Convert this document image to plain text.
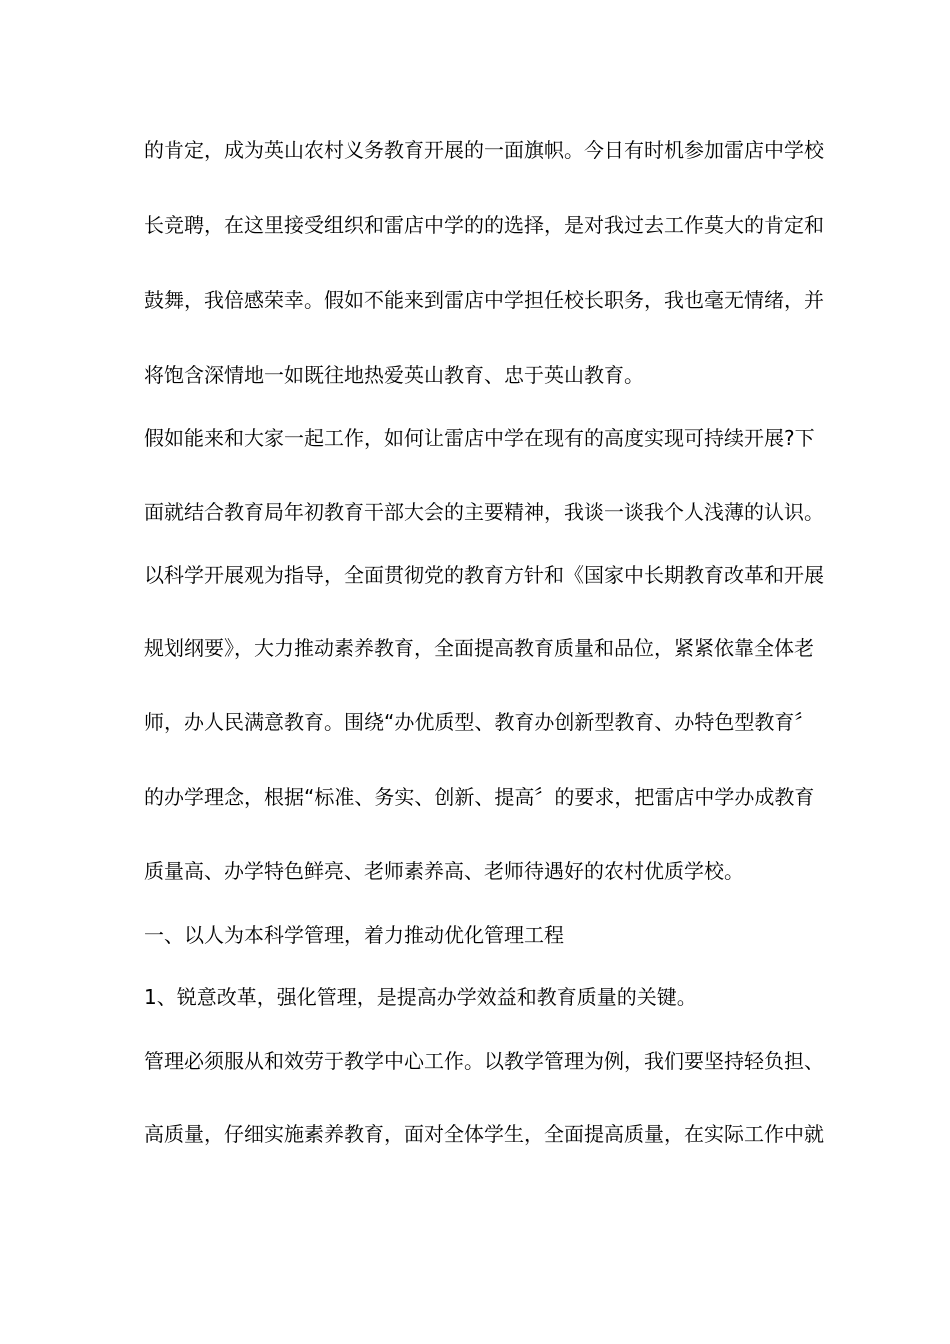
的肯定，成为英山农村义务教育开展的一面旗帜。今日有时机参加雷店中学校
长竞聘，在这里接受组织和雷店中学的的选择，是对我过去工作莫大的肯定和
鼓舞，我倍感荣幸。假如不能来到雷店中学担任校长职务，我也毫无情绪，并
将饱含深情地一如既往地热爱英山教育、忠于英山教育。
假如能来和大家一起工作，如何让雷店中学在现有的高度实现可持续开展?下
面就结合教育局年初教育干部大会的主要精神，我谈一谈我个人浅薄的认识。
以科学开展观为指导，全面贯彻党的教育方针和《国家中长期教育改革和开展
规划纲要》，大力推动素养教育，全面提高教育质量和品位，紧紧依靠全体老
师，办人民满意教育。围绕“办优质型、教育办创新型教育、办特色型教育〞
的办学理念，根据“标准、务实、创新、提高〞的要求，把雷店中学办成教育
质量高、办学特色鲜亮、老师素养高、老师待遇好的农村优质学校。
一、以人为本科学管理，着力推动优化管理工程
1、锐意改革，强化管理，是提高办学效益和教育质量的关键。
管理必须服从和效劳于教学中心工作。以教学管理为例，我们要坚持轻负担、
高质量，仔细实施素养教育，面对全体学生，全面提高质量，在实际工作中就
